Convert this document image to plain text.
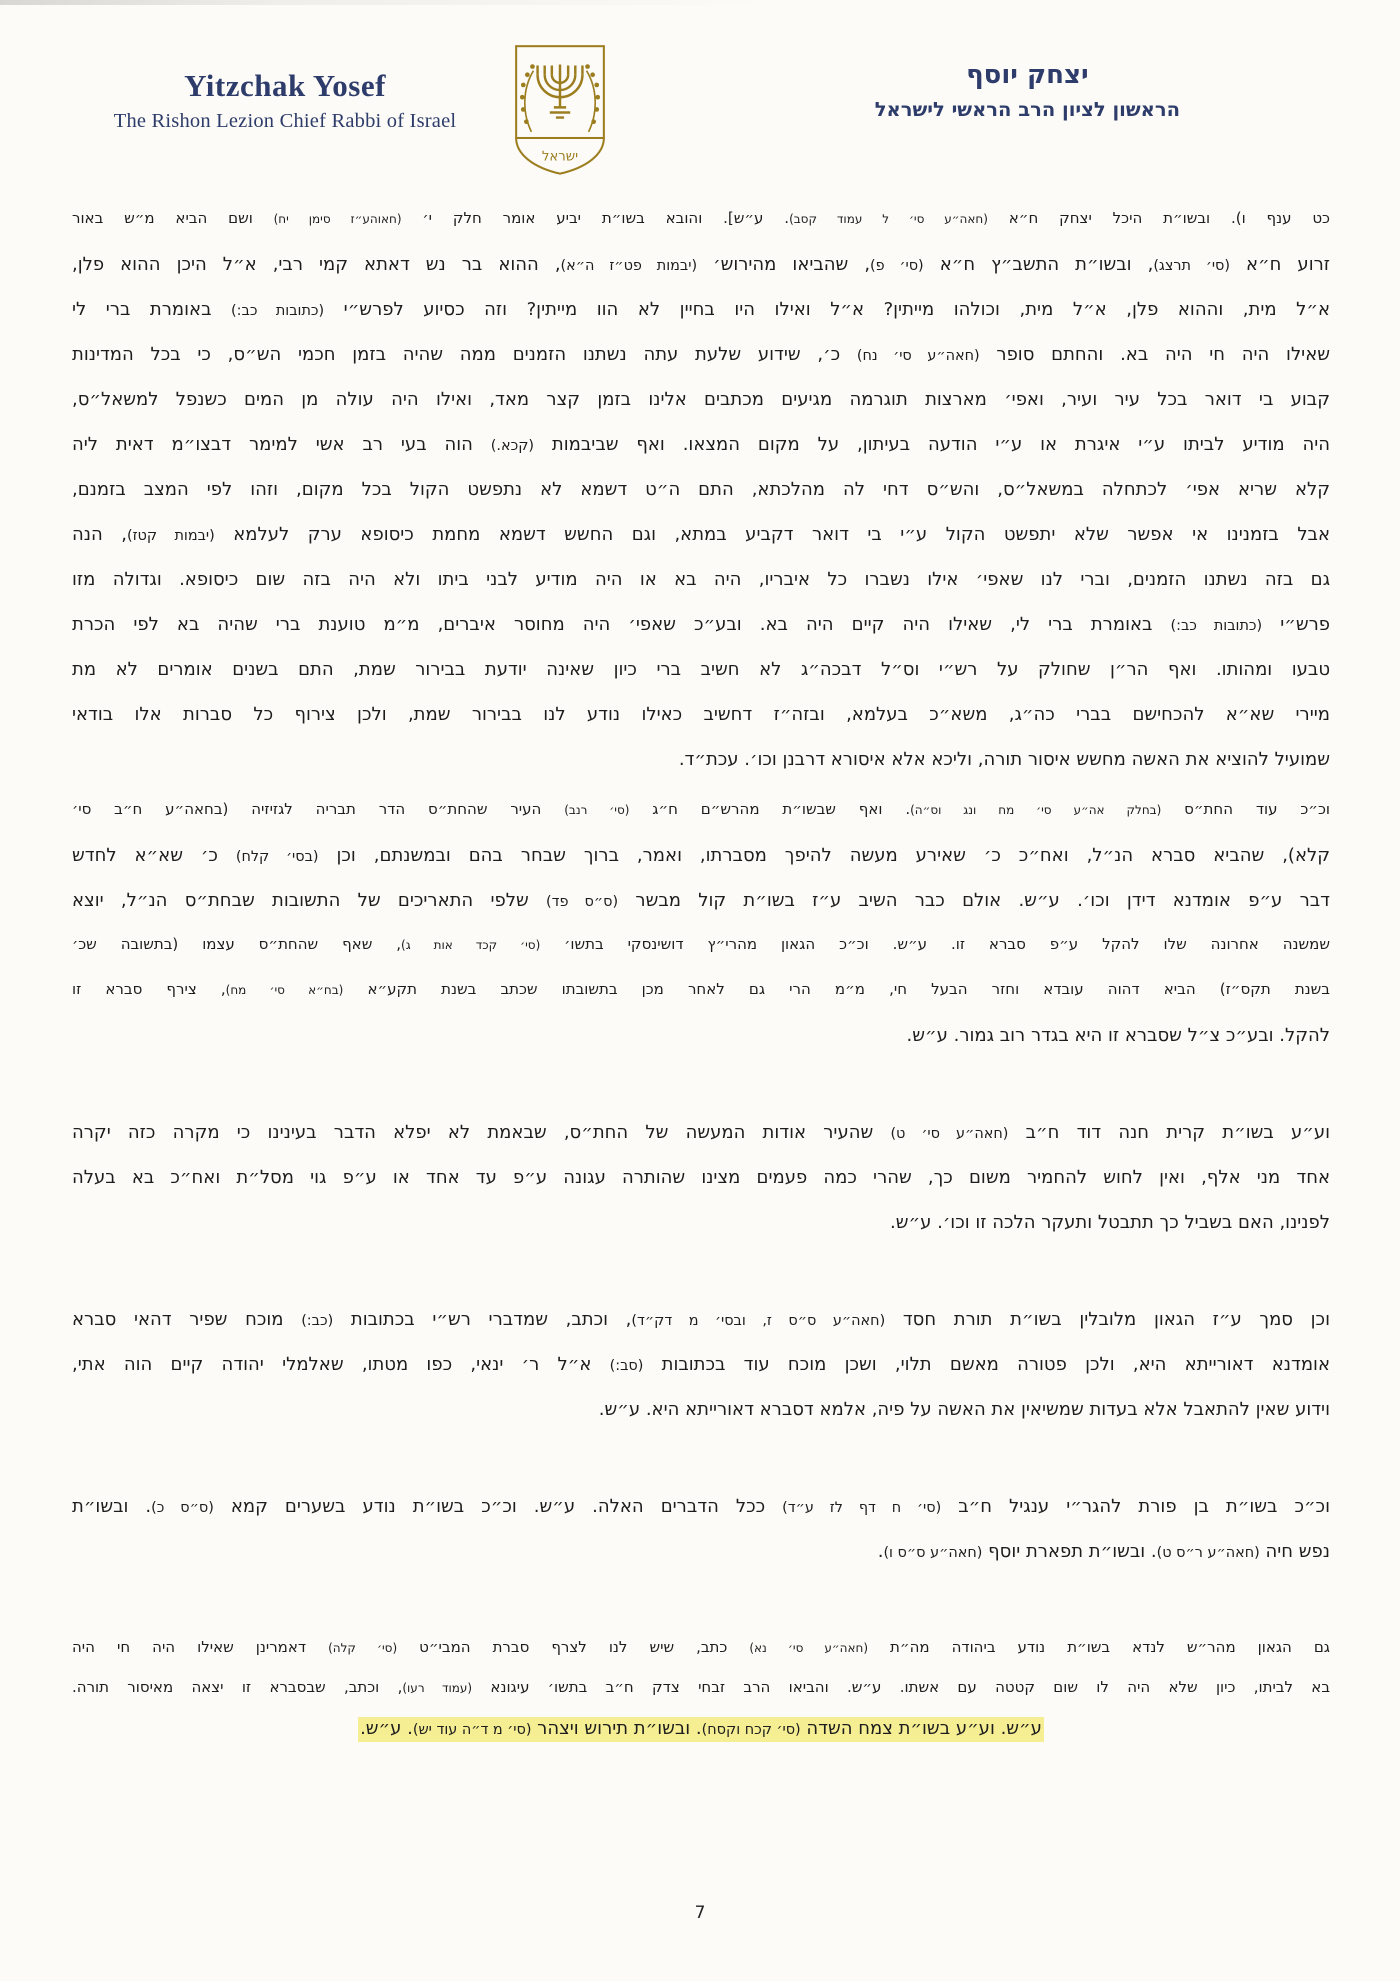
Yitzchak Yosef
The Rishon Lezion Chief Rabbi of Israel
ישראל
יצחק יוסף
הראשון לציון הרב הראשי לישראל
כט ענף ו). ובשו״ת היכל יצחק ח״א (חאה״ע סי׳ ל עמוד קסב). ע״ש]. והובא בשו״ת יביע אומר חלק י׳ (חאוהע״ז סימן יח) ושם הביא מ״ש באור
זרוע ח״א (סי׳ תרצג), ובשו״ת התשב״ץ ח״א (סי׳ פ), שהביאו מהירוש׳ (יבמות פט״ז ה״א), ההוא בר נש דאתא קמי רבי, א״ל היכן ההוא פלן,
א״ל מית, וההוא פלן, א״ל מית, וכולהו מייתין? א״ל ואילו היו בחיין לא הוו מייתין? וזה כסיוע לפרש״י (כתובות כב:) באומרת ברי לי
שאילו היה חי היה בא. והחתם סופר (חאה״ע סי׳ נח) כ׳, שידוע שלעת עתה נשתנו הזמנים ממה שהיה בזמן חכמי הש״ס, כי בכל המדינות
קבוע בי דואר בכל עיר ועיר, ואפי׳ מארצות תוגרמה מגיעים מכתבים אלינו בזמן קצר מאד, ואילו היה עולה מן המים כשנפל למשאל״ס,
היה מודיע לביתו ע״י איגרת או ע״י הודעה בעיתון, על מקום המצאו. ואף שביבמות (קכא.) הוה בעי רב אשי למימר דבצו״מ דאית ליה
קלא שריא אפי׳ לכתחלה במשאל״ס, והש״ס דחי לה מהלכתא, התם ה״ט דשמא לא נתפשט הקול בכל מקום, וזהו לפי המצב בזמנם,
אבל בזמנינו אי אפשר שלא יתפשט הקול ע״י בי דואר דקביע במתא, וגם החשש דשמא מחמת כיסופא ערק לעלמא (יבמות קטז), הנה
גם בזה נשתנו הזמנים, וברי לנו שאפי׳ אילו נשברו כל איבריו, היה בא או היה מודיע לבני ביתו ולא היה בזה שום כיסופא. וגדולה מזו
פרש״י (כתובות כב:) באומרת ברי לי, שאילו היה קיים היה בא. ובע״כ שאפי׳ היה מחוסר איברים, מ״מ טוענת ברי שהיה בא לפי הכרת
טבעו ומהותו. ואף הר״ן שחולק על רש״י וס״ל דבכה״ג לא חשיב ברי כיון שאינה יודעת בבירור שמת, התם בשנים אומרים לא מת
מיירי שא״א להכחישם בברי כה״ג, משא״כ בעלמא, ובזה״ז דחשיב כאילו נודע לנו בבירור שמת, ולכן צירוף כל סברות אלו בודאי
שמועיל להוציא את האשה מחשש איסור תורה, וליכא אלא איסורא דרבנן וכו׳. עכת״ד.
וכ״כ עוד החת״ס (בחלק אה״ע סי׳ מח ונג וס״ה). ואף שבשו״ת מהרש״ם ח״ג (סי׳ רנב) העיר שהחת״ס הדר תבריה לגזיזיה (בחאה״ע ח״ב סי׳
קלא), שהביא סברא הנ״ל, ואח״כ כ׳ שאירע מעשה להיפך מסברתו, ואמר, ברוך שבחר בהם ובמשנתם, וכן (בסי׳ קלח) כ׳ שא״א לחדש
דבר ע״פ אומדנא דידן וכו׳. ע״ש. אולם כבר השיב ע״ז בשו״ת קול מבשר (ס״ס פד) שלפי התאריכים של התשובות שבחת״ס הנ״ל, יוצא
שמשנה אחרונה שלו להקל ע״פ סברא זו. ע״ש. וכ״כ הגאון מהרי״ץ דושינסקי בתשו׳ (סי׳ קכד אות ג), שאף שהחת״ס עצמו (בתשובה שכ׳
בשנת תקס״ז) הביא דהוה עובדא וחזר הבעל חי, מ״מ הרי גם לאחר מכן בתשובתו שכתב בשנת תקע״א (בח״א סי׳ מח), צירף סברא זו
להקל. ובע״כ צ״ל שסברא זו היא בגדר רוב גמור. ע״ש.
וע״ע בשו״ת קרית חנה דוד ח״ב (חאה״ע סי׳ ט) שהעיר אודות המעשה של החת״ס, שבאמת לא יפלא הדבר בעינינו כי מקרה כזה יקרה
אחד מני אלף, ואין לחוש להחמיר משום כך, שהרי כמה פעמים מצינו שהותרה עגונה ע״פ עד אחד או ע״פ גוי מסל״ת ואח״כ בא בעלה
לפנינו, האם בשביל כך תתבטל ותעקר הלכה זו וכו׳. ע״ש.
וכן סמך ע״ז הגאון מלובלין בשו״ת תורת חסד (חאה״ע ס״ס ז, ובסי׳ מ דק״ד), וכתב, שמדברי רש״י בכתובות (כב:) מוכח שפיר דהאי סברא
אומדנא דאורייתא היא, ולכן פטורה מאשם תלוי, ושכן מוכח עוד בכתובות (סב:) א״ל ר׳ ינאי, כפו מטתו, שאלמלי יהודה קיים הוה אתי,
וידוע שאין להתאבל אלא בעדות שמשיאין את האשה על פיה, אלמא דסברא דאורייתא היא. ע״ש.
וכ״כ בשו״ת בן פורת להגר״י ענגיל ח״ב (סי׳ ח דף לז ע״ד) ככל הדברים האלה. ע״ש. וכ״כ בשו״ת נודע בשערים קמא (ס״ס כ). ובשו״ת
נפש חיה (חאה״ע ר״ס ט). ובשו״ת תפארת יוסף (חאה״ע ס״ס ו).
גם הגאון מהר״ש לנדא בשו״ת נודע ביהודה מה״ת (חאה״ע סי׳ נא) כתב, שיש לנו לצרף סברת המבי״ט (סי׳ קלה) דאמרינן שאילו היה חי היה
בא לביתו, כיון שלא היה לו שום קטטה עם אשתו. ע״ש. והביאו הרב זבחי צדק ח״ב בתשו׳ עיגונא (עמוד רעו), וכתב, שבסברא זו יצאה מאיסור תורה.
ע״ש. וע״ע בשו״ת צמח השדה (סי׳ קכח וקסח). ובשו״ת תירוש ויצהר (סי׳ מ ד״ה עוד יש). ע״ש.
7
